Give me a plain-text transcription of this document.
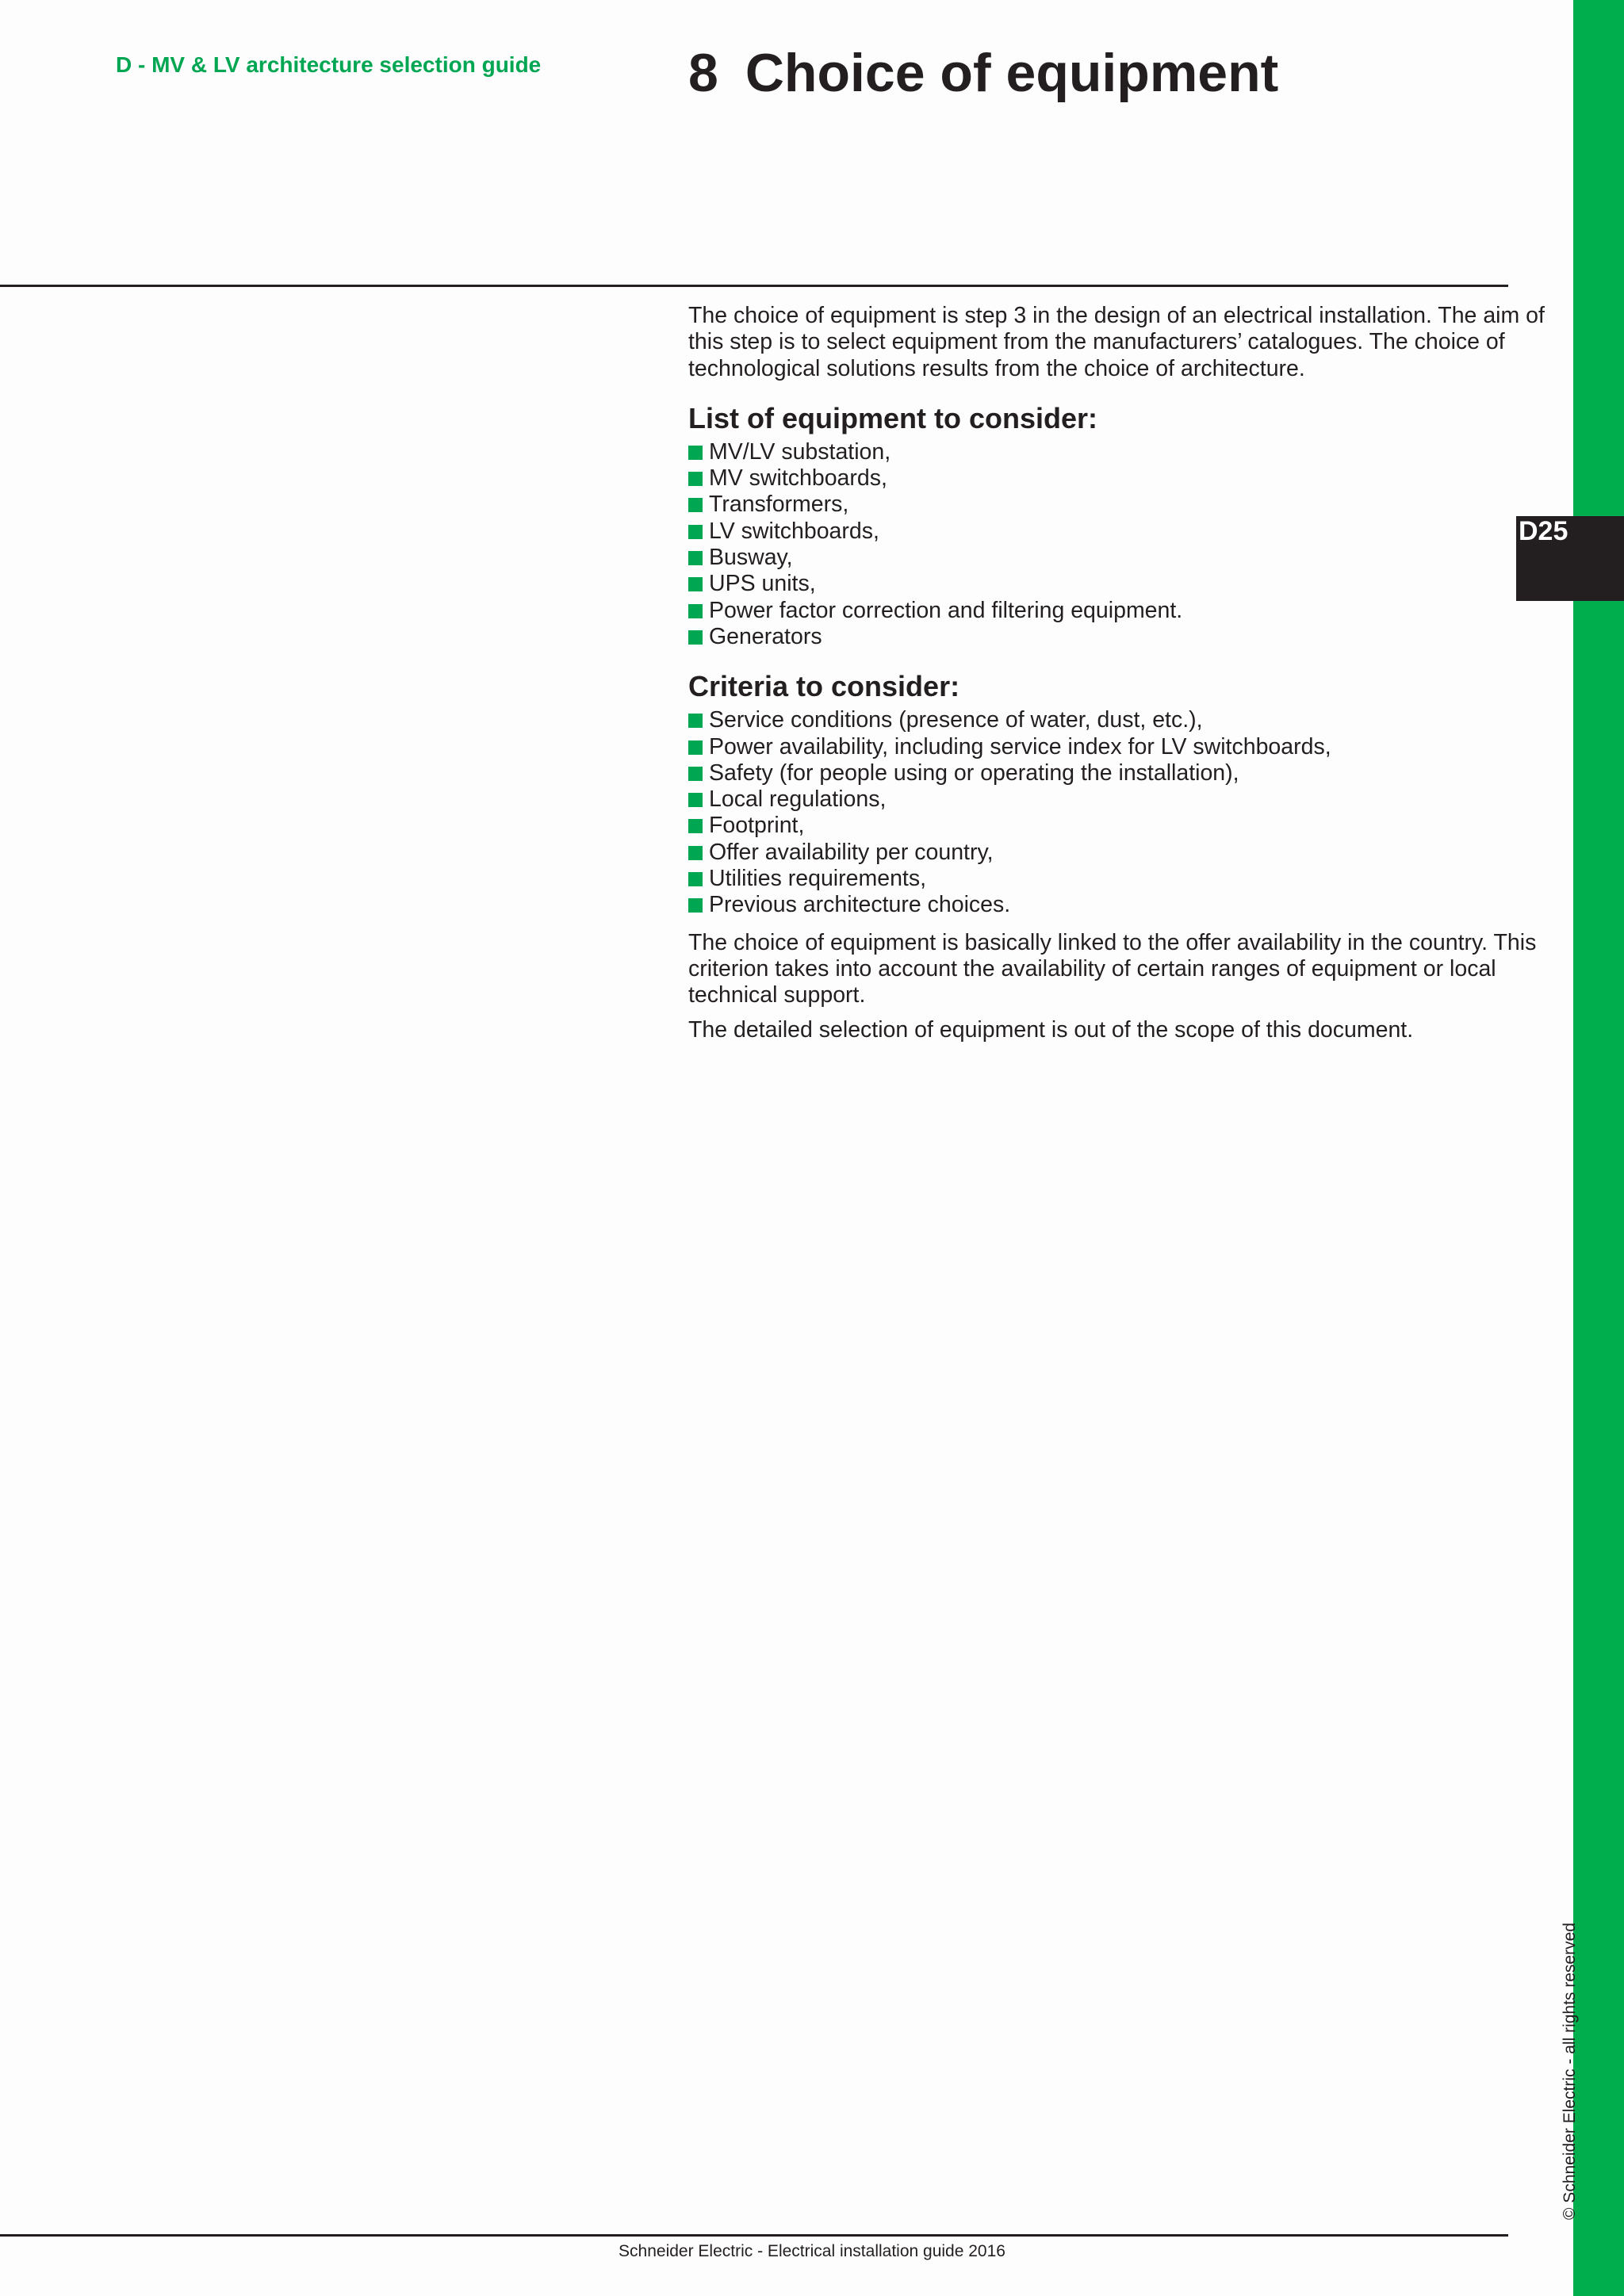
D - MV & LV architecture selection guide	8 Choice of equipment

The choice of equipment is step 3 in the design of an electrical installation. The aim of this step is to select equipment from the manufacturers’ catalogues. The choice of technological solutions results from the choice of architecture.

List of equipment to consider:
MV/LV substation,
MV switchboards,
Transformers,
LV switchboards,
Busway,
UPS units,
Power factor correction and filtering equipment.
Generators
Criteria to consider:
Service conditions (presence of water, dust, etc.),
Power availability, including service index for LV switchboards,
Safety (for people using or operating the installation),
Local regulations,
Footprint,
Offer availability per country,
Utilities requirements,
Previous architecture choices.

The choice of equipment is basically linked to the offer availability in the country. This criterion takes into account the availability of certain ranges of equipment or local technical support.

The detailed selection of equipment is out of the scope of this document.

D25
© Schneider Electric - all rights reserved
Schneider Electric - Electrical installation guide 2016
